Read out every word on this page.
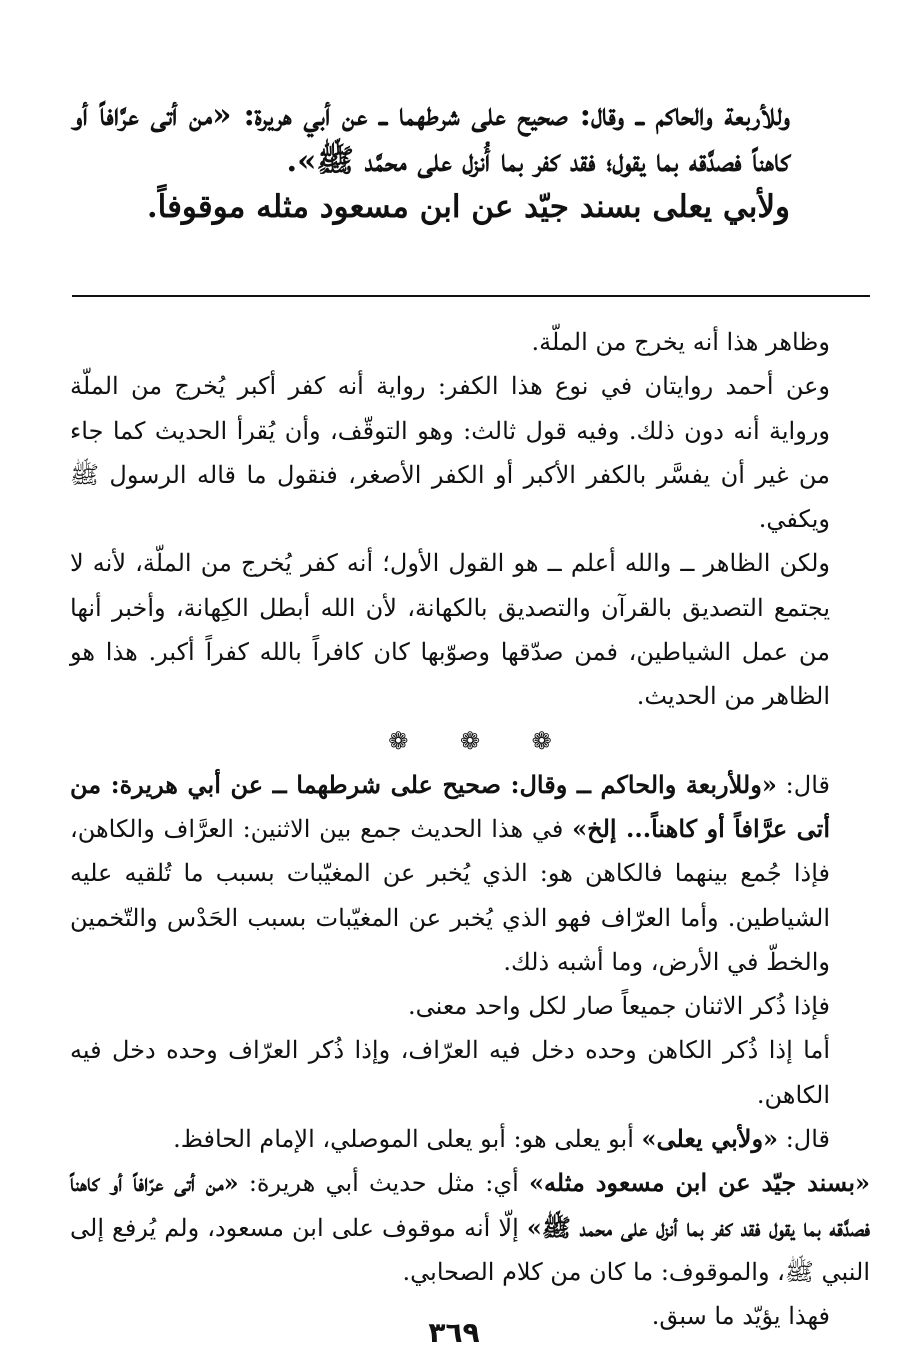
وللأربعة والحاكم ــ وقال: صحيح على شرطهما ــ عن أبي هريرة: «من أتى عرَّافاً أو كاهناً فصدَّقه بما يقول؛ فقد كفر بما أُنزل على محمَّد ﷺ».

ولأبي يعلى بسند جيّد عن ابن مسعود مثله موقوفاً.

وظاهر هذا أنه يخرج من الملّة.

وعن أحمد روايتان في نوع هذا الكفر: رواية أنه كفر أكبر يُخرج من الملّة ورواية أنه دون ذلك. وفيه قول ثالث: وهو التوقّف، وأن يُقرأ الحديث كما جاء من غير أن يفسَّر بالكفر الأكبر أو الكفر الأصغر، فنقول ما قاله الرسول ﷺ ويكفي.

ولكن الظاهر ــ والله أعلم ــ هو القول الأول؛ أنه كفر يُخرج من الملّة، لأنه لا يجتمع التصديق بالقرآن والتصديق بالكهانة، لأن الله أبطل الكِهانة، وأخبر أنها من عمل الشياطين، فمن صدّقها وصوّبها كان كافراً بالله كفراً أكبر. هذا هو الظاهر من الحديث.

❁ ❁ ❁

قال: «وللأربعة والحاكم ــ وقال: صحيح على شرطهما ــ عن أبي هريرة: من أتى عرَّافاً أو كاهناً... إلخ» في هذا الحديث جمع بين الاثنين: العرَّاف والكاهن، فإذا جُمع بينهما فالكاهن هو: الذي يُخبر عن المغيّبات بسبب ما تُلقيه عليه الشياطين. وأما العرّاف فهو الذي يُخبر عن المغيّبات بسبب الحَدْس والتّخمين والخطّ في الأرض، وما أشبه ذلك.

فإذا ذُكر الاثنان جميعاً صار لكل واحد معنى.

أما إذا ذُكر الكاهن وحده دخل فيه العرّاف، وإذا ذُكر العرّاف وحده دخل فيه الكاهن.

قال: «ولأبي يعلى» أبو يعلى هو: أبو يعلى الموصلي، الإمام الحافظ.

«بسند جيّد عن ابن مسعود مثله» أي: مثل حديث أبي هريرة: «من أتى عرّافاً أو كاهناً فصدَّقه بما يقول فقد كفر بما أنزل على محمد ﷺ» إلّا أنه موقوف على ابن مسعود، ولم يُرفع إلى النبي ﷺ، والموقوف: ما كان من كلام الصحابي.

فهذا يؤيّد ما سبق.

٣٦٩
